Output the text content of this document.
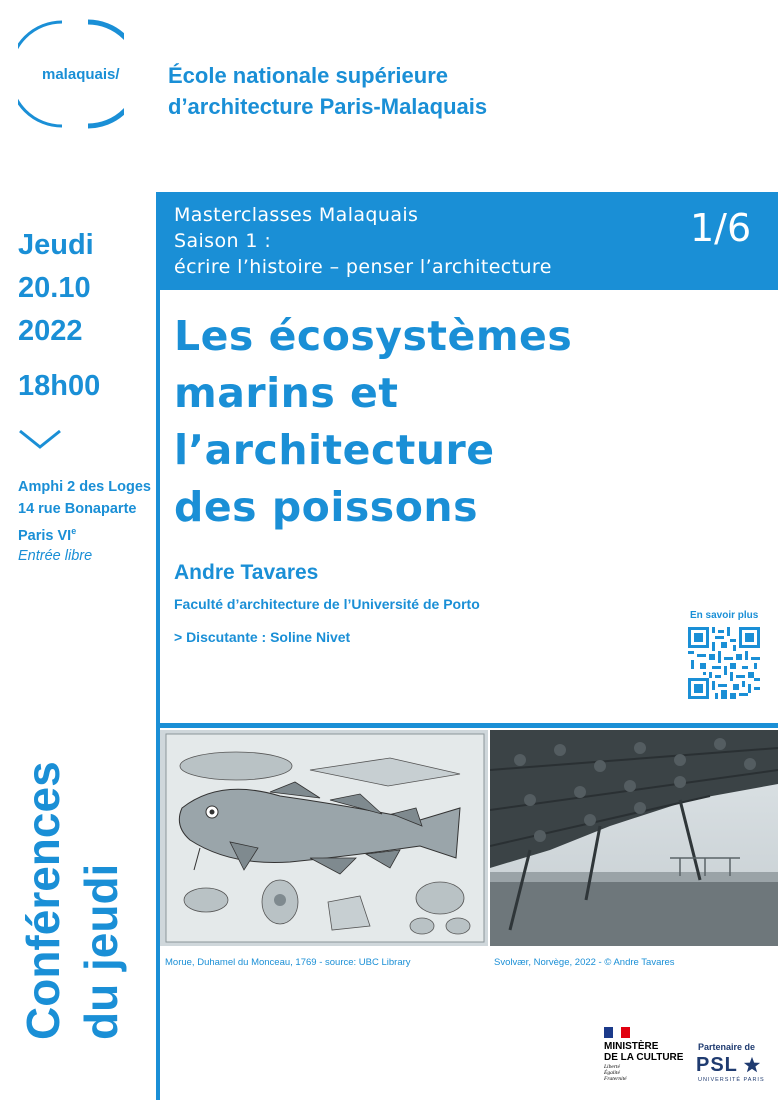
malaquais/ École nationale supérieure
d’architecture Paris-Malaquais
Masterclasses Malaquais
Saison 1 :
écrire l’histoire – penser l’architecture
1/6
Jeudi
20.10
2022
18h00
Amphi 2 des Loges
14 rue Bonaparte
Paris VIe
Entrée libre
Conférences du jeudi
Les écosystèmes
marins et
l’architecture
des poissons
Andre Tavares
Faculté d’architecture de l’Université de Porto
> Discutante : Soline Nivet
En savoir plus
Morue, Duhamel du Monceau, 1769 - source: UBC Library	Svolvær, Norvège, 2022 - © Andre Tavares
MINISTÈRE
DE LA CULTURE
Liberté
Égalité
Fraternité
Partenaire de
PSL
UNIVERSITÉ PARIS
